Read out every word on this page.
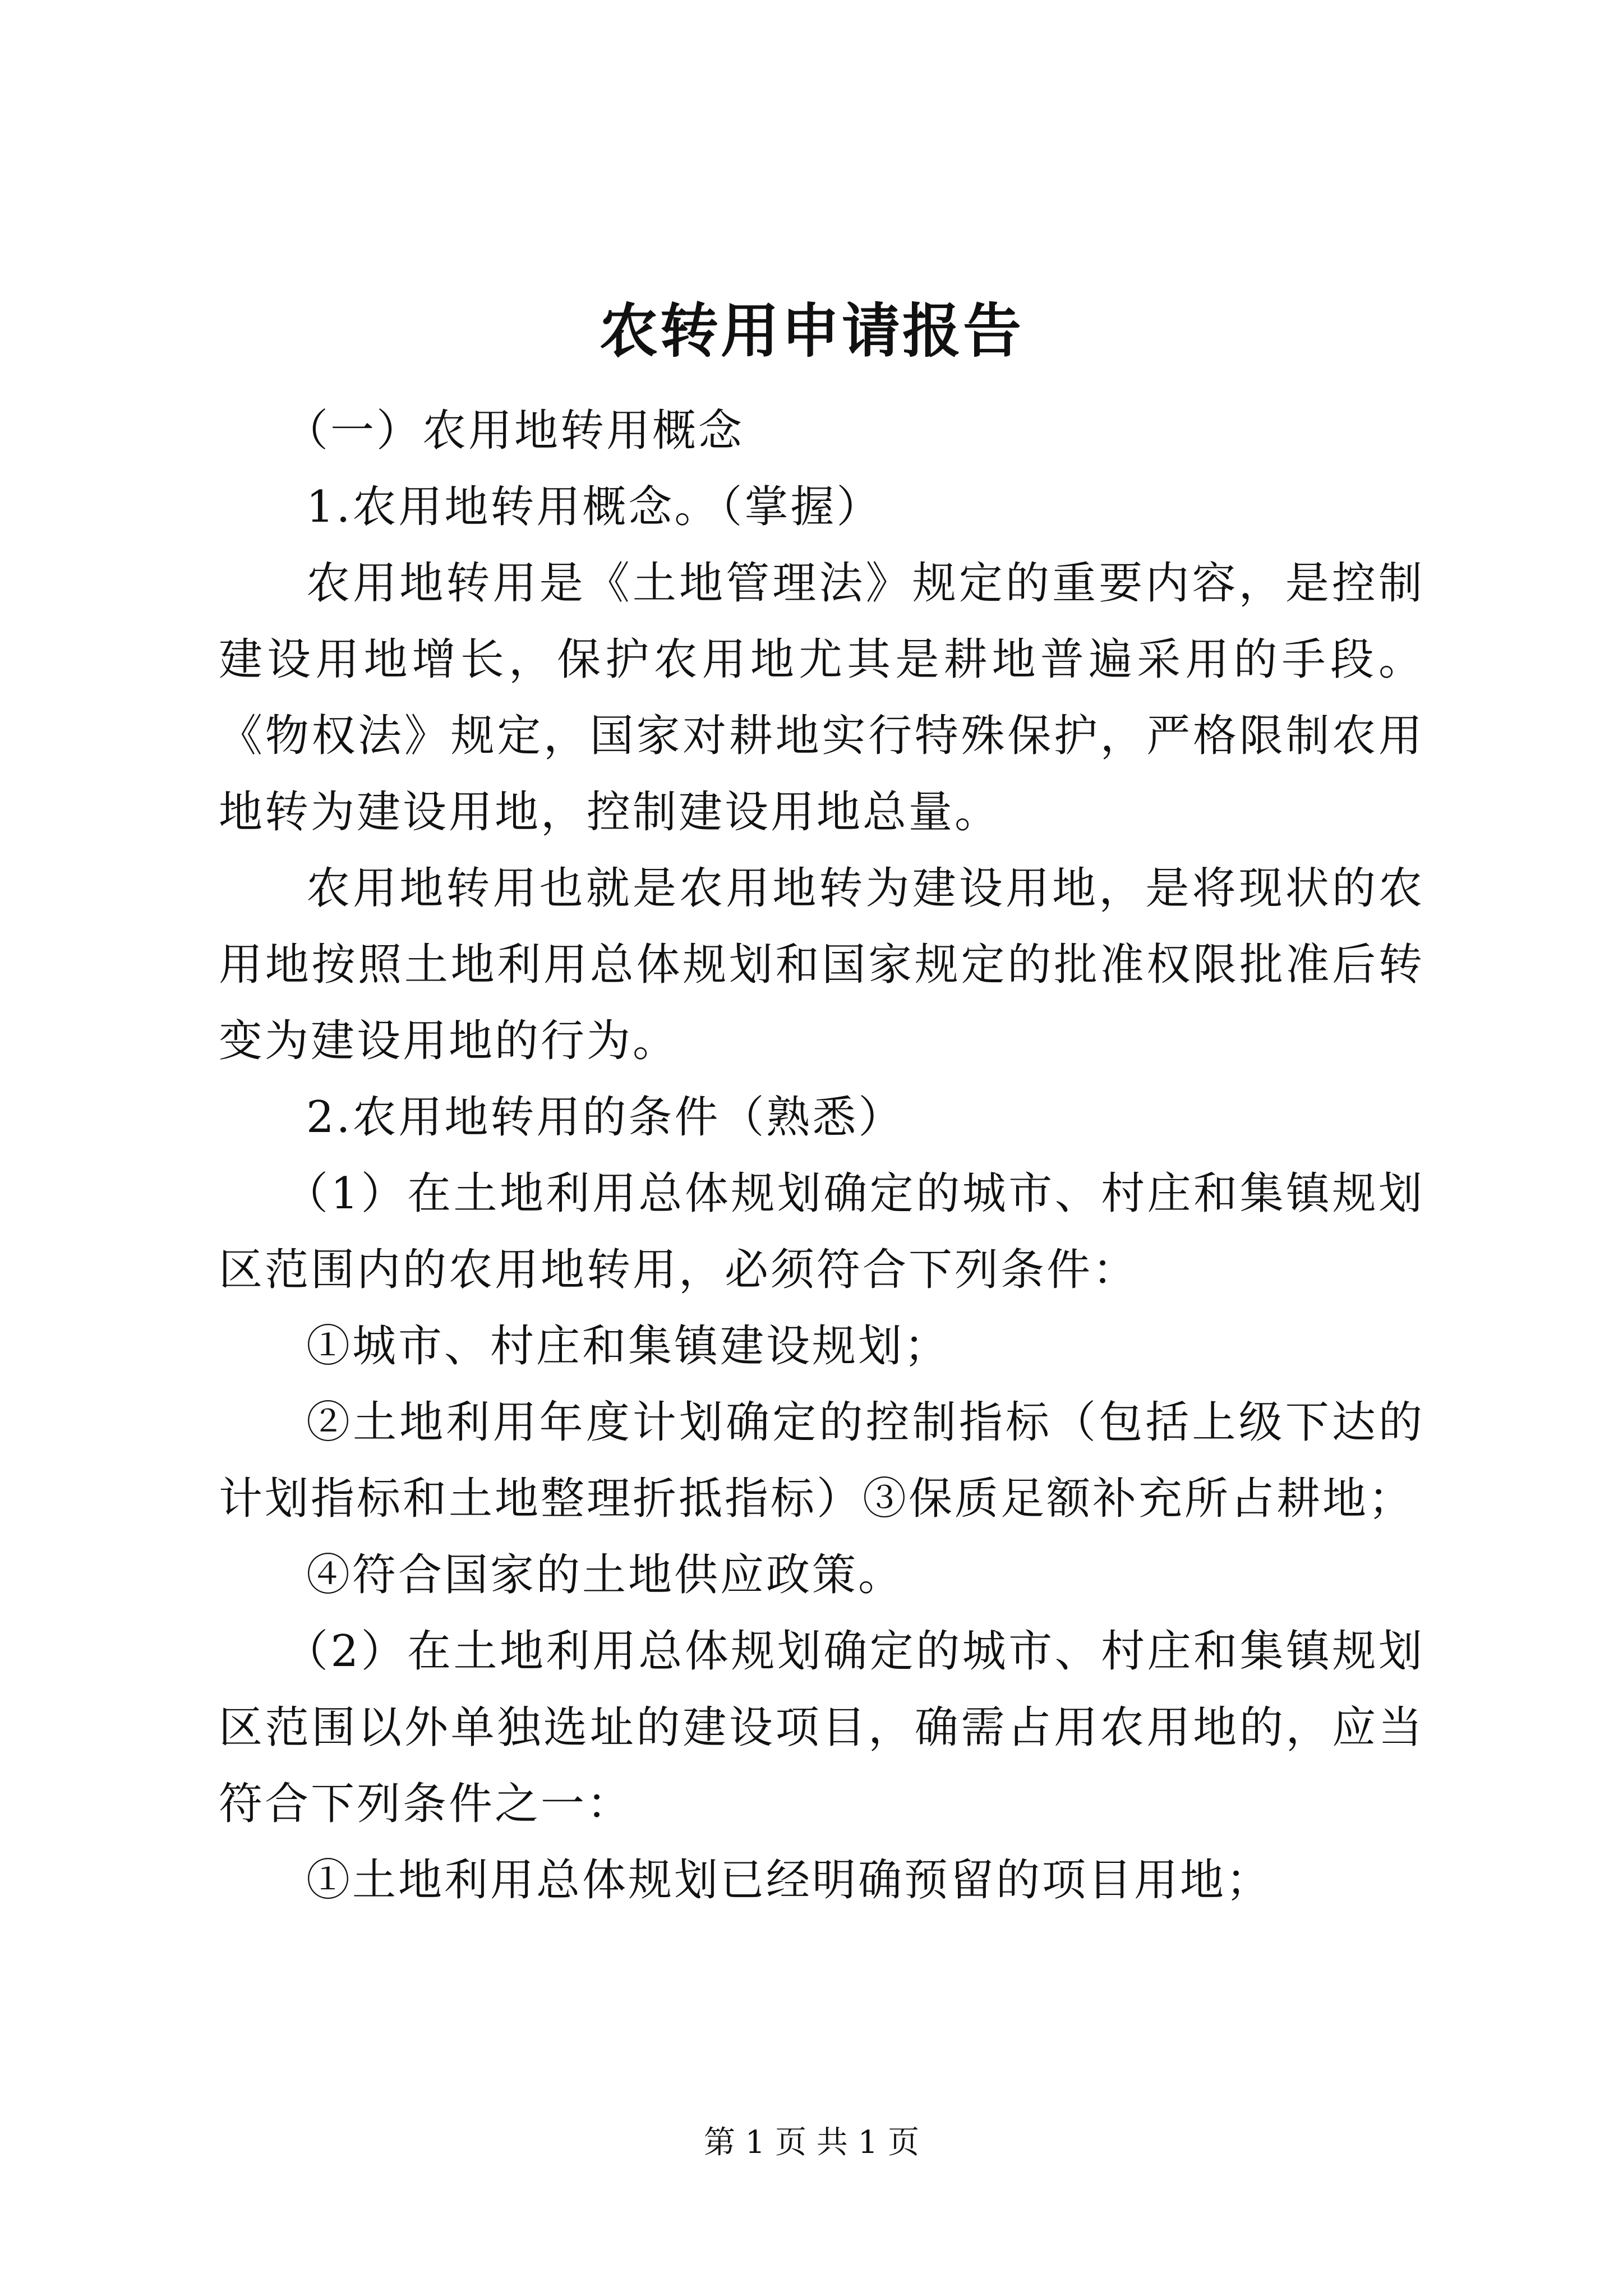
农转用申请报告

（一）农用地转用概念

1.农用地转用概念。（掌握）

农用地转用是《土地管理法》规定的重要内容，是控制建设用地增长，保护农用地尤其是耕地普遍采用的手段。《物权法》规定，国家对耕地实行特殊保护，严格限制农用地转为建设用地，控制建设用地总量。

农用地转用也就是农用地转为建设用地，是将现状的农用地按照土地利用总体规划和国家规定的批准权限批准后转变为建设用地的行为。

2.农用地转用的条件（熟悉）

（1）在土地利用总体规划确定的城市、村庄和集镇规划区范围内的农用地转用，必须符合下列条件：

①城市、村庄和集镇建设规划；

②土地利用年度计划确定的控制指标（包括上级下达的计划指标和土地整理折抵指标）③保质足额补充所占耕地；

④符合国家的土地供应政策。

（2）在土地利用总体规划确定的城市、村庄和集镇规划区范围以外单独选址的建设项目，确需占用农用地的，应当符合下列条件之一：

①土地利用总体规划已经明确预留的项目用地；

第 1 页 共 1 页
